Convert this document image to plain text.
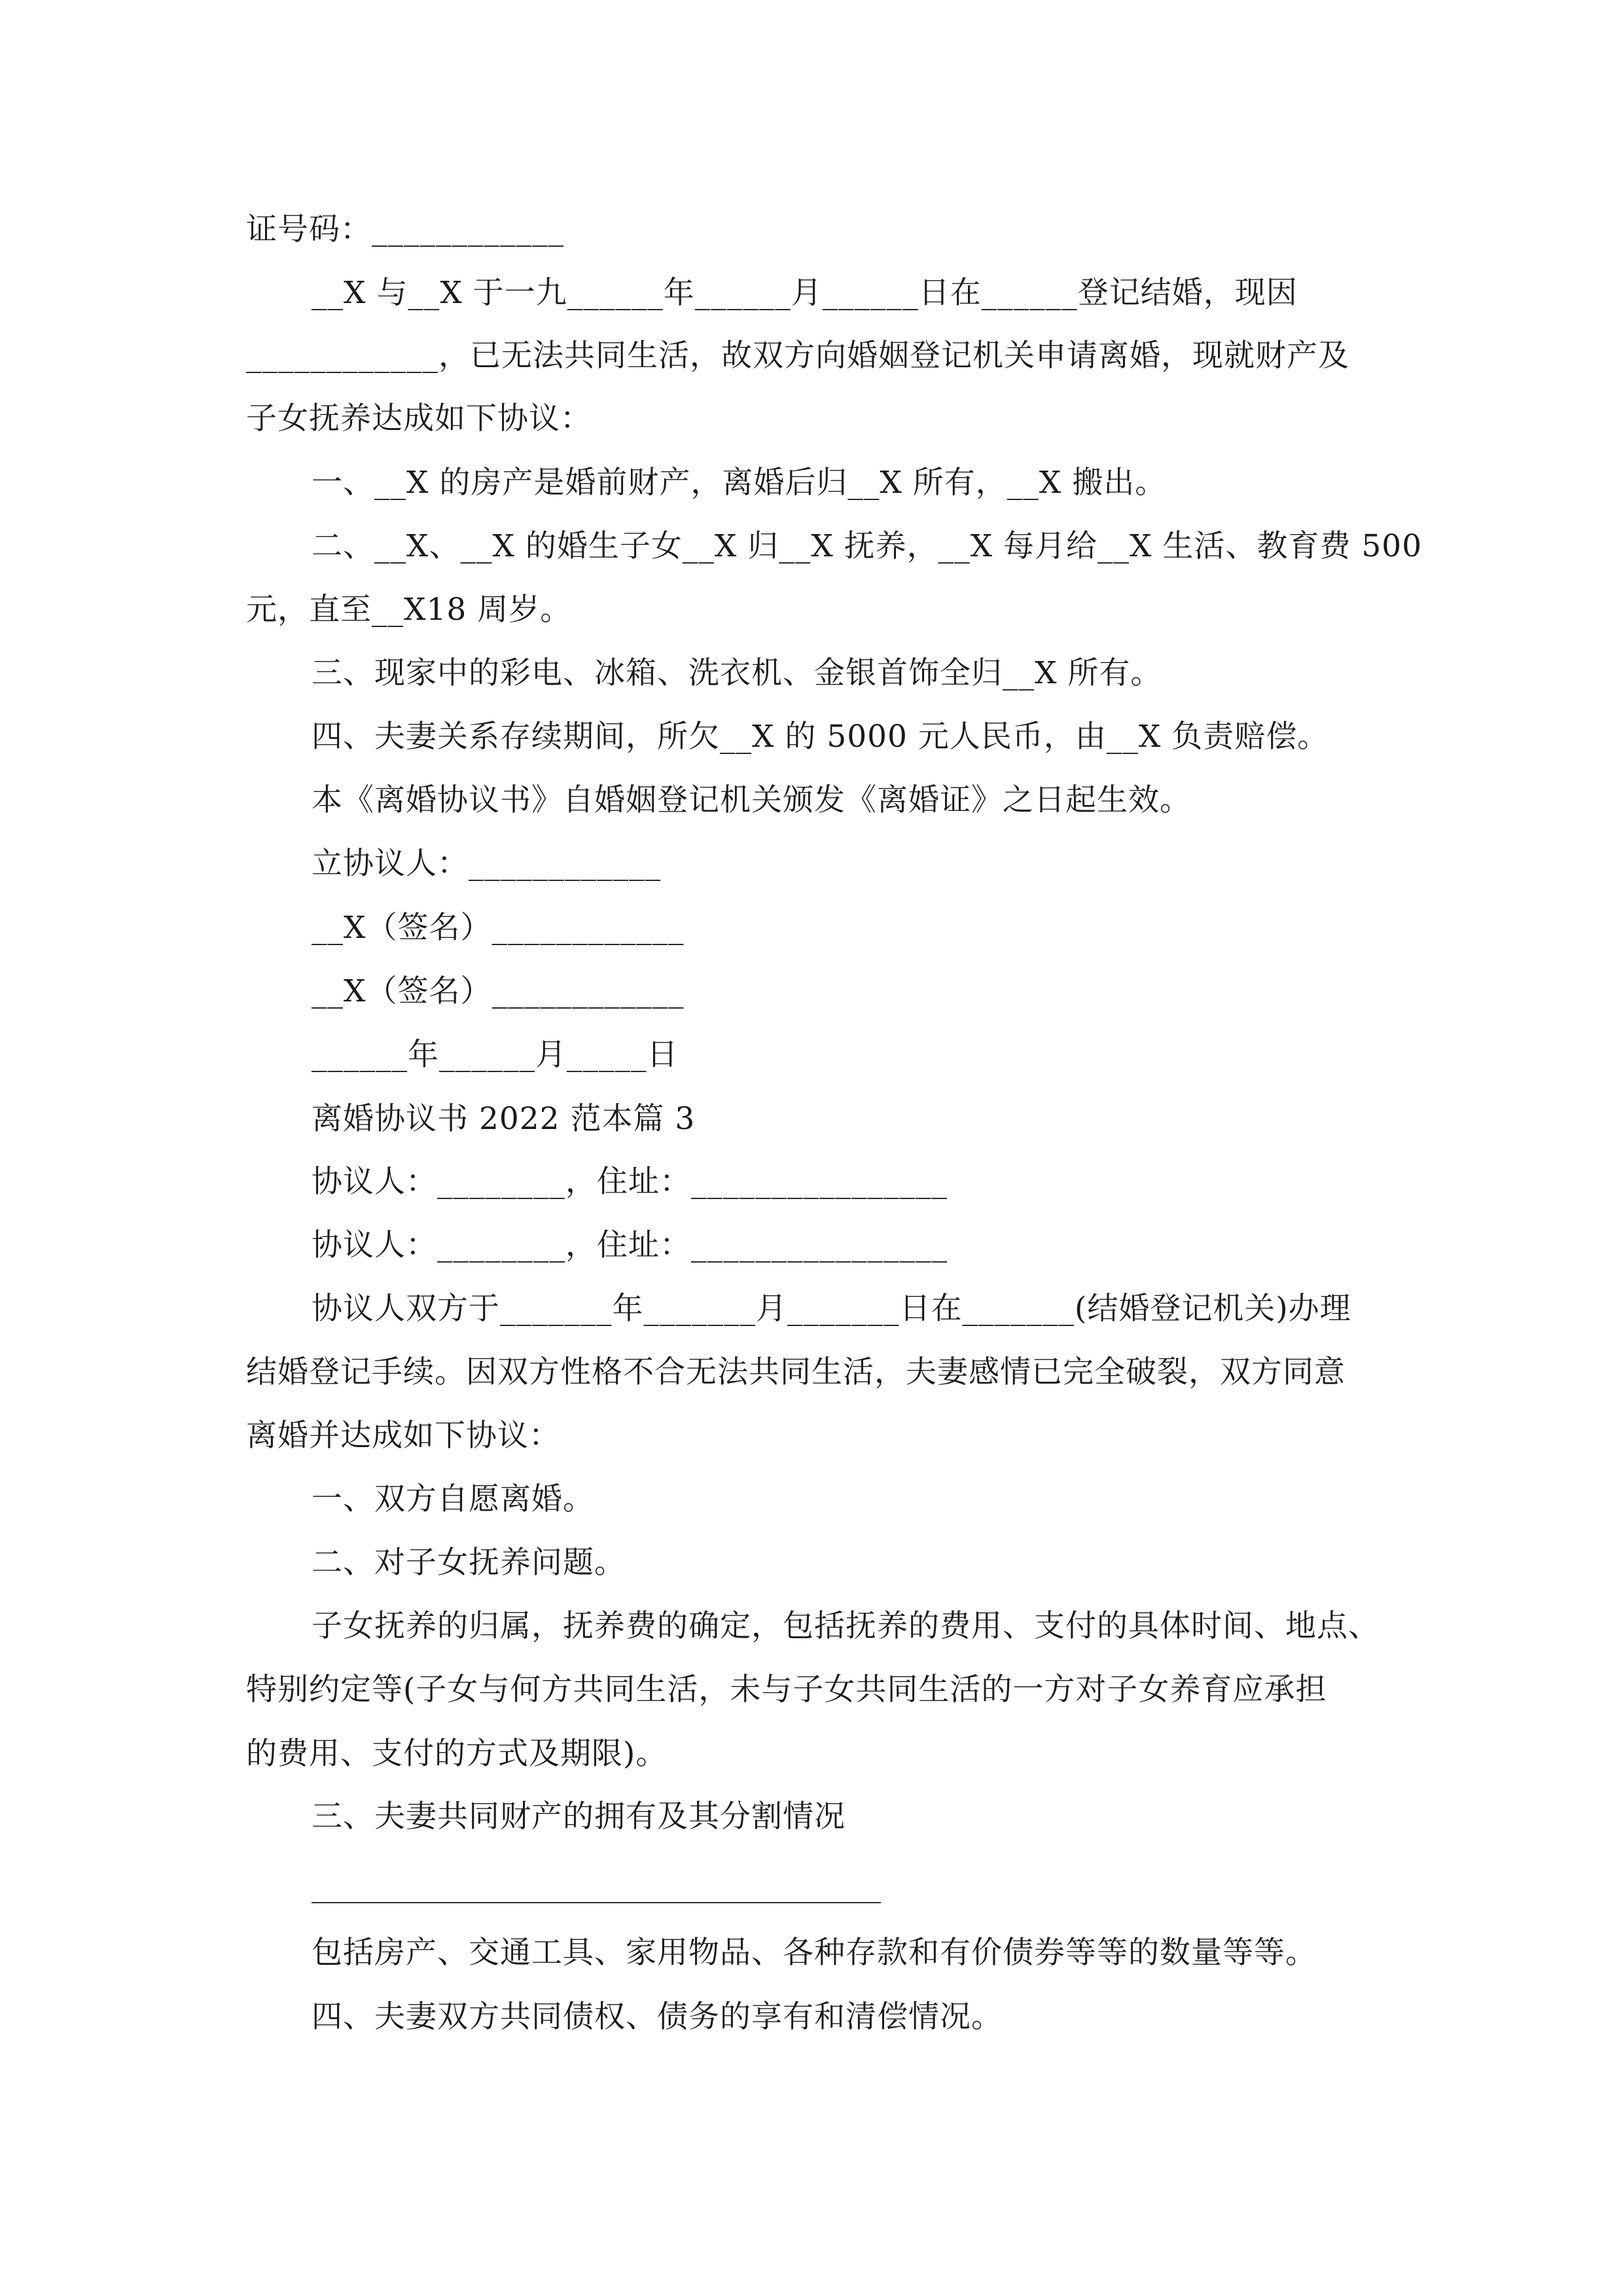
证号码：____________
__X 与__X 于一九______年______月______日在______登记结婚，现因
____________，已无法共同生活，故双方向婚姻登记机关申请离婚，现就财产及
子女抚养达成如下协议：
一、__X 的房产是婚前财产，离婚后归__X 所有，__X 搬出。
二、__X、__X 的婚生子女__X 归__X 抚养，__X 每月给__X 生活、教育费 500
元，直至__X18 周岁。
三、现家中的彩电、冰箱、洗衣机、金银首饰全归__X 所有。
四、夫妻关系存续期间，所欠__X 的 5000 元人民币，由__X 负责赔偿。
本《离婚协议书》自婚姻登记机关颁发《离婚证》之日起生效。
立协议人：____________
__X（签名）____________
__X（签名）____________
______年______月_____日
离婚协议书 2022 范本篇 3
协议人：________，住址：________________
协议人：________，住址：________________
协议人双方于_______年_______月_______日在_______(结婚登记机关)办理
结婚登记手续。因双方性格不合无法共同生活，夫妻感情已完全破裂，双方同意
离婚并达成如下协议：
一、双方自愿离婚。
二、对子女抚养问题。
子女抚养的归属，抚养费的确定，包括抚养的费用、支付的具体时间、地点、
特别约定等(子女与何方共同生活，未与子女共同生活的一方对子女养育应承担
的费用、支付的方式及期限)。
三、夫妻共同财产的拥有及其分割情况
包括房产、交通工具、家用物品、各种存款和有价债券等等的数量等等。
四、夫妻双方共同债权、债务的享有和清偿情况。
